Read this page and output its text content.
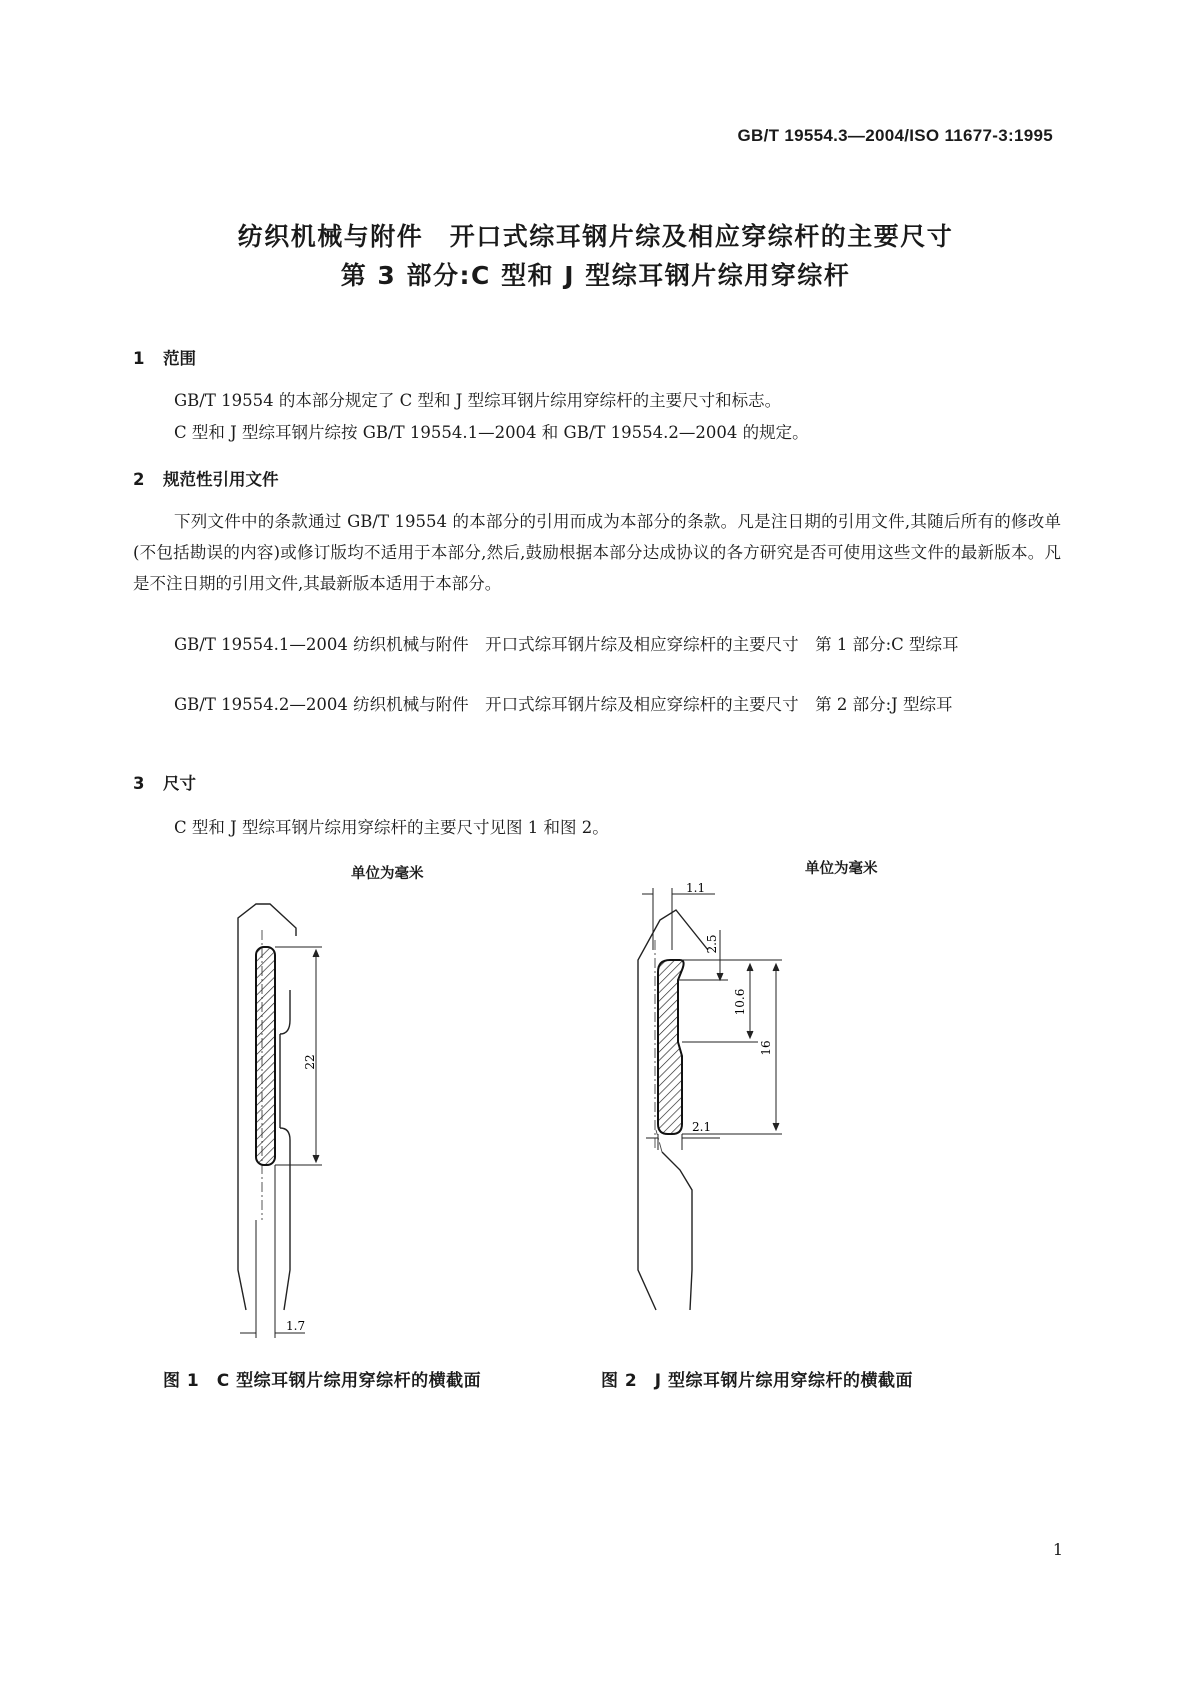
GB/T 19554.3—2004/ISO 11677-3:1995
纺织机械与附件　开口式综耳钢片综及相应穿综杆的主要尺寸
第 3 部分:C 型和 J 型综耳钢片综用穿综杆
1 范围
GB/T 19554 的本部分规定了 C 型和 J 型综耳钢片综用穿综杆的主要尺寸和标志。
C 型和 J 型综耳钢片综按 GB/T 19554.1—2004 和 GB/T 19554.2—2004 的规定。
2 规范性引用文件
下列文件中的条款通过 GB/T 19554 的本部分的引用而成为本部分的条款。凡是注日期的引用文件,其随后所有的修改单(不包括勘误的内容)或修订版均不适用于本部分,然后,鼓励根据本部分达成协议的各方研究是否可使用这些文件的最新版本。凡是不注日期的引用文件,其最新版本适用于本部分。
GB/T 19554.1—2004 纺织机械与附件　开口式综耳钢片综及相应穿综杆的主要尺寸　第 1 部分:C 型综耳
GB/T 19554.2—2004 纺织机械与附件　开口式综耳钢片综及相应穿综杆的主要尺寸　第 2 部分:J 型综耳
3 尺寸
C 型和 J 型综耳钢片综用穿综杆的主要尺寸见图 1 和图 2。
单位为毫米
22
1.7
图 1　C 型综耳钢片综用穿综杆的横截面
单位为毫米
1.1
2.5
10.6
16
2.1
图 2　J 型综耳钢片综用穿综杆的横截面
1
